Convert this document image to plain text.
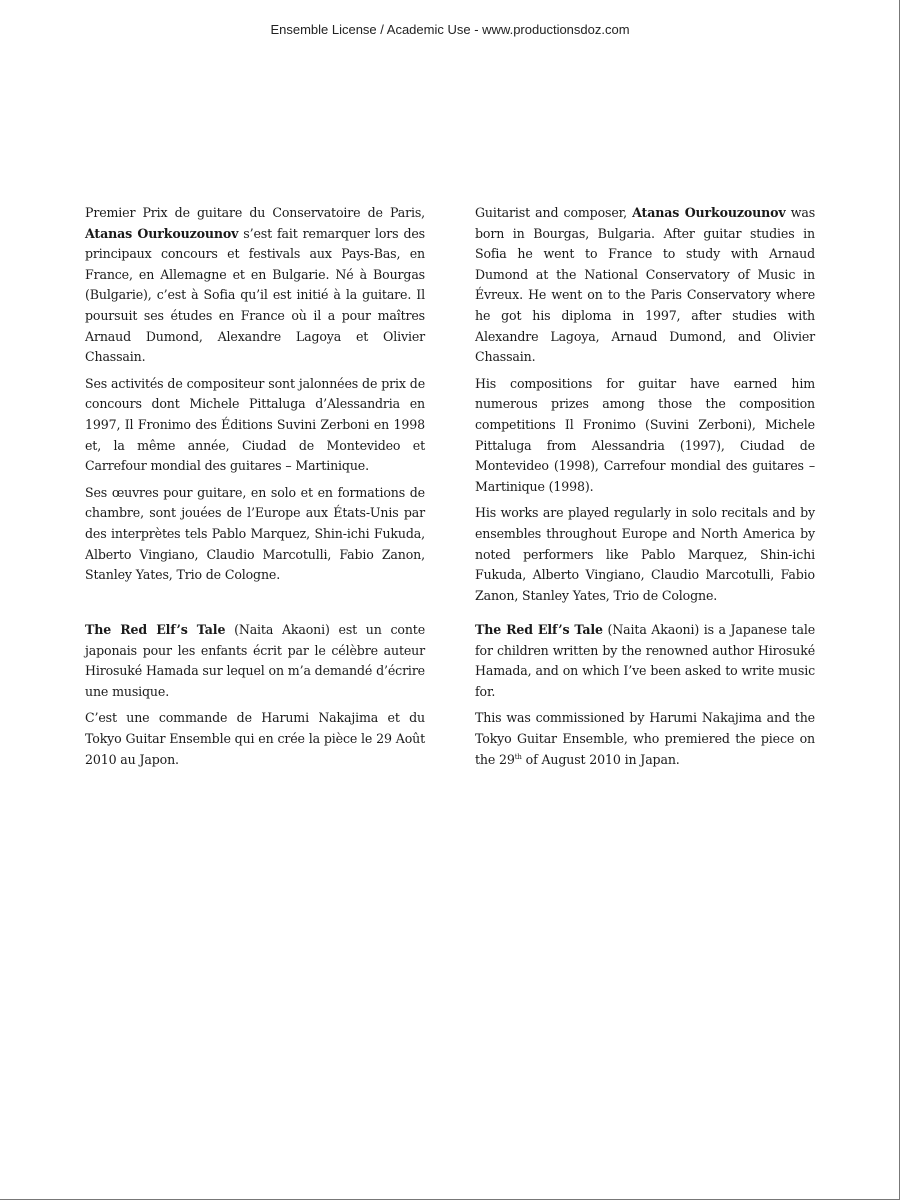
Ensemble License / Academic Use - www.productionsdoz.com

Premier Prix de guitare du Conservatoire de Paris, Atanas Ourkouzounov s’est fait remarquer lors des principaux concours et festivals aux Pays-Bas, en France, en Allemagne et en Bulgarie. Né à Bourgas (Bulgarie), c’est à Sofia qu’il est initié à la guitare. Il poursuit ses études en France où il a pour maîtres Arnaud Dumond, Alexandre Lagoya et Olivier Chassain.

Ses activités de compositeur sont jalonnées de prix de concours dont Michele Pittaluga d’Alessandria en 1997, Il Fronimo des Éditions Suvini Zerboni en 1998 et, la même année, Ciudad de Montevideo et Carrefour mondial des guitares – Martinique.

Ses œuvres pour guitare, en solo et en formations de chambre, sont jouées de l’Europe aux États-Unis par des interprètes tels Pablo Marquez, Shin-ichi Fukuda, Alberto Vingiano, Claudio Marcotulli, Fabio Zanon, Stanley Yates, Trio de Cologne.

Guitarist and composer, Atanas Ourkouzounov was born in Bourgas, Bulgaria. After guitar studies in Sofia he went to France to study with Arnaud Dumond at the National Conservatory of Music in Évreux. He went on to the Paris Conservatory where he got his diploma in 1997, after studies with Alexandre Lagoya, Arnaud Dumond, and Olivier Chassain.

His compositions for guitar have earned him numerous prizes among those the composition competitions Il Fronimo (Suvini Zerboni), Michele Pittaluga from Alessandria (1997), Ciudad de Montevideo (1998), Carrefour mondial des guitares – Martinique (1998).

His works are played regularly in solo recitals and by ensembles throughout Europe and North America by noted performers like Pablo Marquez, Shin-ichi Fukuda, Alberto Vingiano, Claudio Marcotulli, Fabio Zanon, Stanley Yates, Trio de Cologne.

The Red Elf’s Tale (Naita Akaoni) est un conte japonais pour les enfants écrit par le célèbre auteur Hirosuké Hamada sur lequel on m’a demandé d’écrire une musique.

C’est une commande de Harumi Nakajima et du Tokyo Guitar Ensemble qui en crée la pièce le 29 Août 2010 au Japon.

The Red Elf’s Tale (Naita Akaoni) is a Japanese tale for children written by the renowned author Hirosuké Hamada, and on which I’ve been asked to write music for.

This was commissioned by Harumi Nakajima and the Tokyo Guitar Ensemble, who premiered the piece on the 29th of August 2010 in Japan.
